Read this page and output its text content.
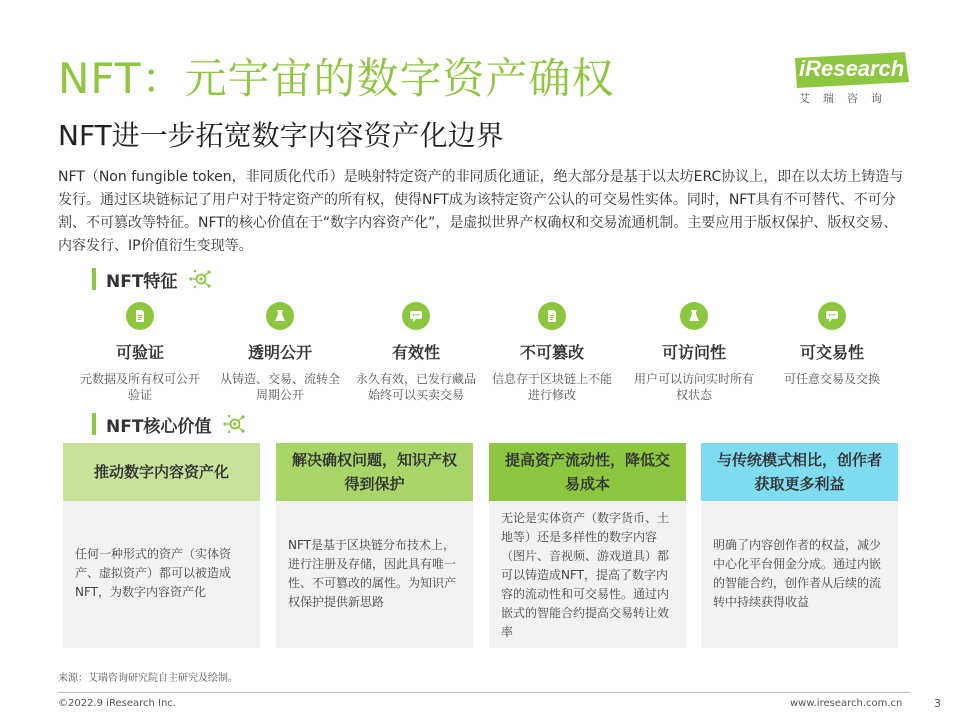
NFT：元宇宙的数字资产确权
NFT进一步拓宽数字内容资产化边界
iResearch
艾瑞咨询
NFT（Non fungible token，非同质化代币）是映射特定资产的非同质化通证，绝大部分是基于以太坊ERC协议上，即在以太坊上铸造与发行。通过区块链标记了用户对于特定资产的所有权，使得NFT成为该特定资产公认的可交易性实体。同时，NFT具有不可替代、不可分割、不可篡改等特征。NFT的核心价值在于“数字内容资产化”，是虚拟世界产权确权和交易流通机制。主要应用于版权保护、版权交易、内容发行、IP价值衍生变现等。
NFT特征
可验证
元数据及所有权可公开验证
透明公开
从铸造、交易、流转全周期公开
有效性
永久有效，已发行藏品始终可以买卖交易
不可篡改
信息存于区块链上不能进行修改
可访问性
用户可以访问实时所有权状态
可交易性
可任意交易及交换
NFT核心价值
推动数字内容资产化
任何一种形式的资产（实体资产、虚拟资产）都可以被造成NFT，为数字内容资产化
解决确权问题，知识产权得到保护
NFT是基于区块链分布技术上，进行注册及存储，因此具有唯一性、不可篡改的属性。为知识产权保护提供新思路
提高资产流动性，降低交易成本
无论是实体资产（数字货币、土地等）还是多样性的数字内容（图片、音视频、游戏道具）都可以铸造成NFT，提高了数字内容的流动性和可交易性。通过内嵌式的智能合约提高交易转让效率
与传统模式相比，创作者获取更多利益
明确了内容创作者的权益，减少中心化平台佣金分成。通过内嵌的智能合约，创作者从后续的流转中持续获得收益
来源：艾瑞咨询研究院自主研究及绘制。
©2022.9 iResearch Inc.	www.iresearch.com.cn	3
